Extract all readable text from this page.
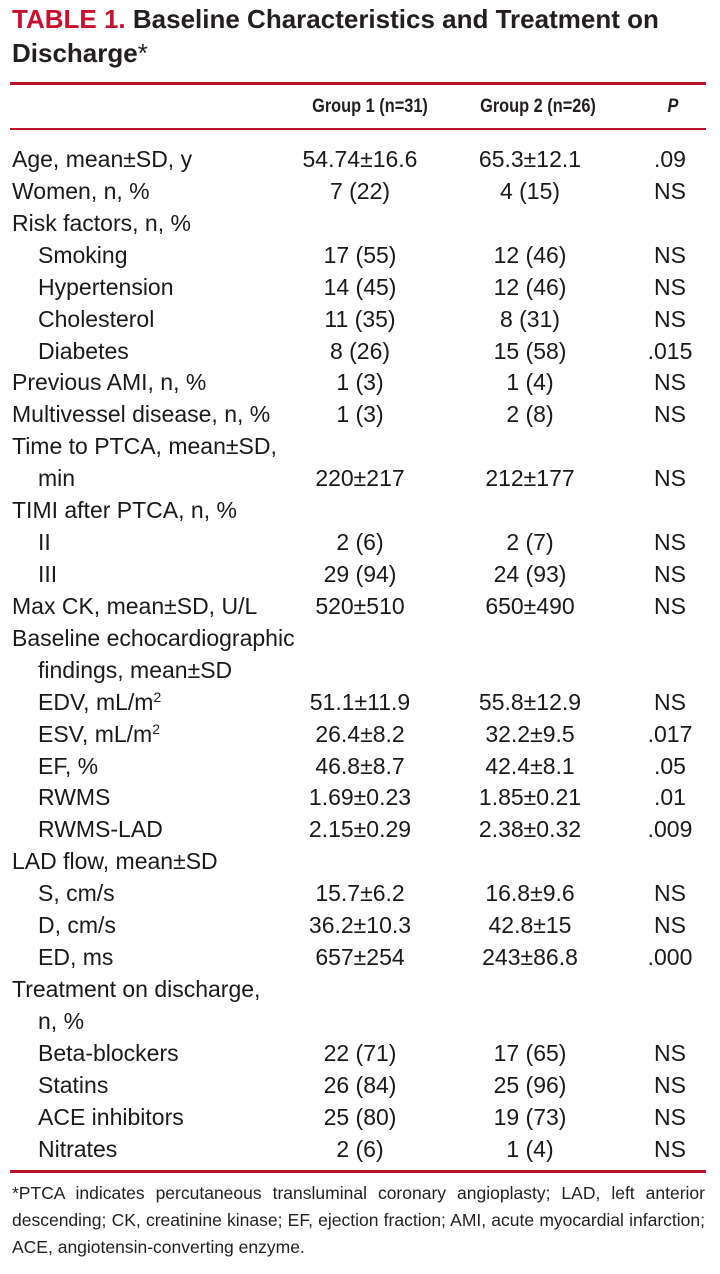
TABLE 1. Baseline Characteristics and Treatment on Discharge*
Group 1 (n=31)	Group 2 (n=26)	P
Age, mean±SD, y	54.74±16.6	65.3±12.1	.09
Women, n, %	7 (22)	4 (15)	NS
Risk factors, n, %
Smoking	17 (55)	12 (46)	NS
Hypertension	14 (45)	12 (46)	NS
Cholesterol	11 (35)	8 (31)	NS
Diabetes	8 (26)	15 (58)	.015
Previous AMI, n, %	1 (3)	1 (4)	NS
Multivessel disease, n, %	1 (3)	2 (8)	NS
Time to PTCA, mean±SD,
min	220±217	212±177	NS
TIMI after PTCA, n, %
II	2 (6)	2 (7)	NS
III	29 (94)	24 (93)	NS
Max CK, mean±SD, U/L	520±510	650±490	NS
Baseline echocardiographic
findings, mean±SD
EDV, $mL/m^2$	51.1±11.9	55.8±12.9	NS
ESV, $mL/m^2$	26.4±8.2	32.2±9.5	.017
EF, %	46.8±8.7	42.4±8.1	.05
RWMS	1.69±0.23	1.85±0.21	.01
RWMS-LAD	2.15±0.29	2.38±0.32	.009
LAD flow, mean±SD
S, cm/s	15.7±6.2	16.8±9.6	NS
D, cm/s	36.2±10.3	42.8±15	NS
ED, ms	657±254	243±86.8	.000
Treatment on discharge,
n, %
Beta-blockers	22 (71)	17 (65)	NS
Statins	26 (84)	25 (96)	NS
ACE inhibitors	25 (80)	19 (73)	NS
Nitrates	2 (6)	1 (4)	NS
*PTCA indicates percutaneous transluminal coronary angioplasty; LAD, left anterior descending; CK, creatinine kinase; EF, ejection fraction; AMI, acute myocardial infarction; ACE, angiotensin-converting enzyme.
